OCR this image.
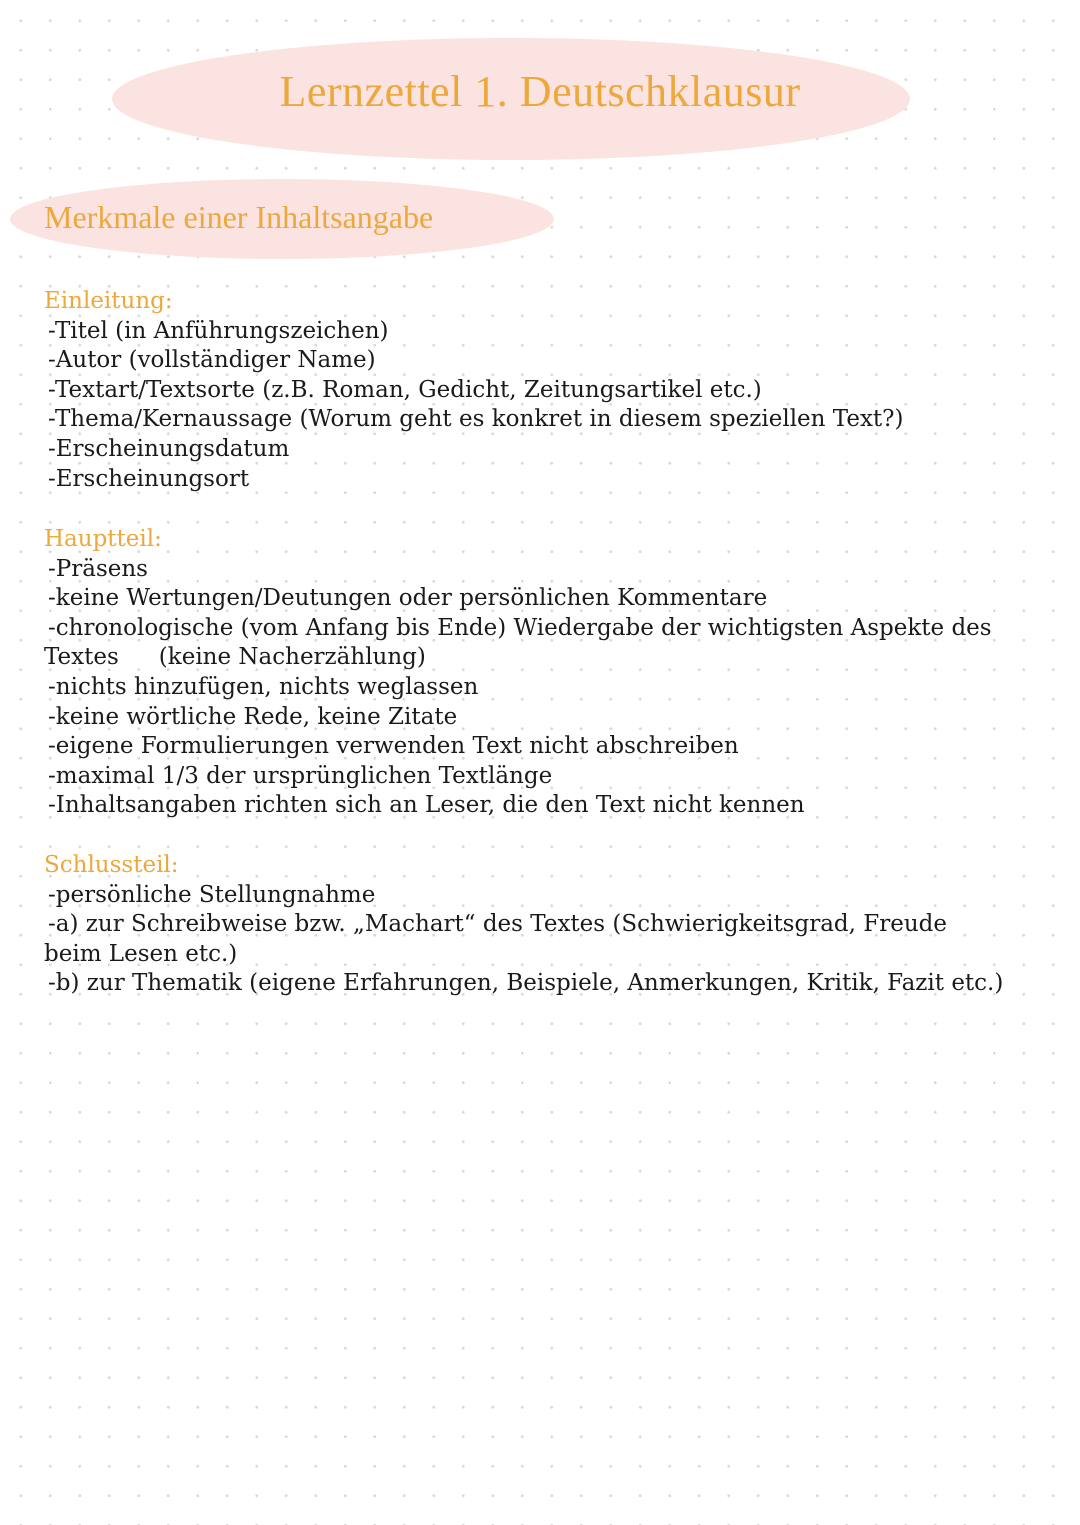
Lernzettel 1. Deutschklausur
Merkmale einer Inhaltsangabe
Einleitung:
-Titel (in Anführungszeichen)
-Autor (vollständiger Name)
-Textart/Textsorte (z.B. Roman, Gedicht, Zeitungsartikel etc.)
-Thema/Kernaussage (Worum geht es konkret in diesem speziellen Text?)
-Erscheinungsdatum
-Erscheinungsort
Hauptteil:
-Präsens
-keine Wertungen/Deutungen oder persönlichen Kommentare
-chronologische (vom Anfang bis Ende) Wiedergabe der wichtigsten Aspekte des
Textes (keine Nacherzählung)
-nichts hinzufügen, nichts weglassen
-keine wörtliche Rede, keine Zitate
-eigene Formulierungen verwenden Text nicht abschreiben
-maximal 1/3 der ursprünglichen Textlänge
-Inhaltsangaben richten sich an Leser, die den Text nicht kennen
Schlussteil:
-persönliche Stellungnahme
-a) zur Schreibweise bzw. „Machart“ des Textes (Schwierigkeitsgrad, Freude beim Lesen etc.)
-b) zur Thematik (eigene Erfahrungen, Beispiele, Anmerkungen, Kritik, Fazit etc.)
